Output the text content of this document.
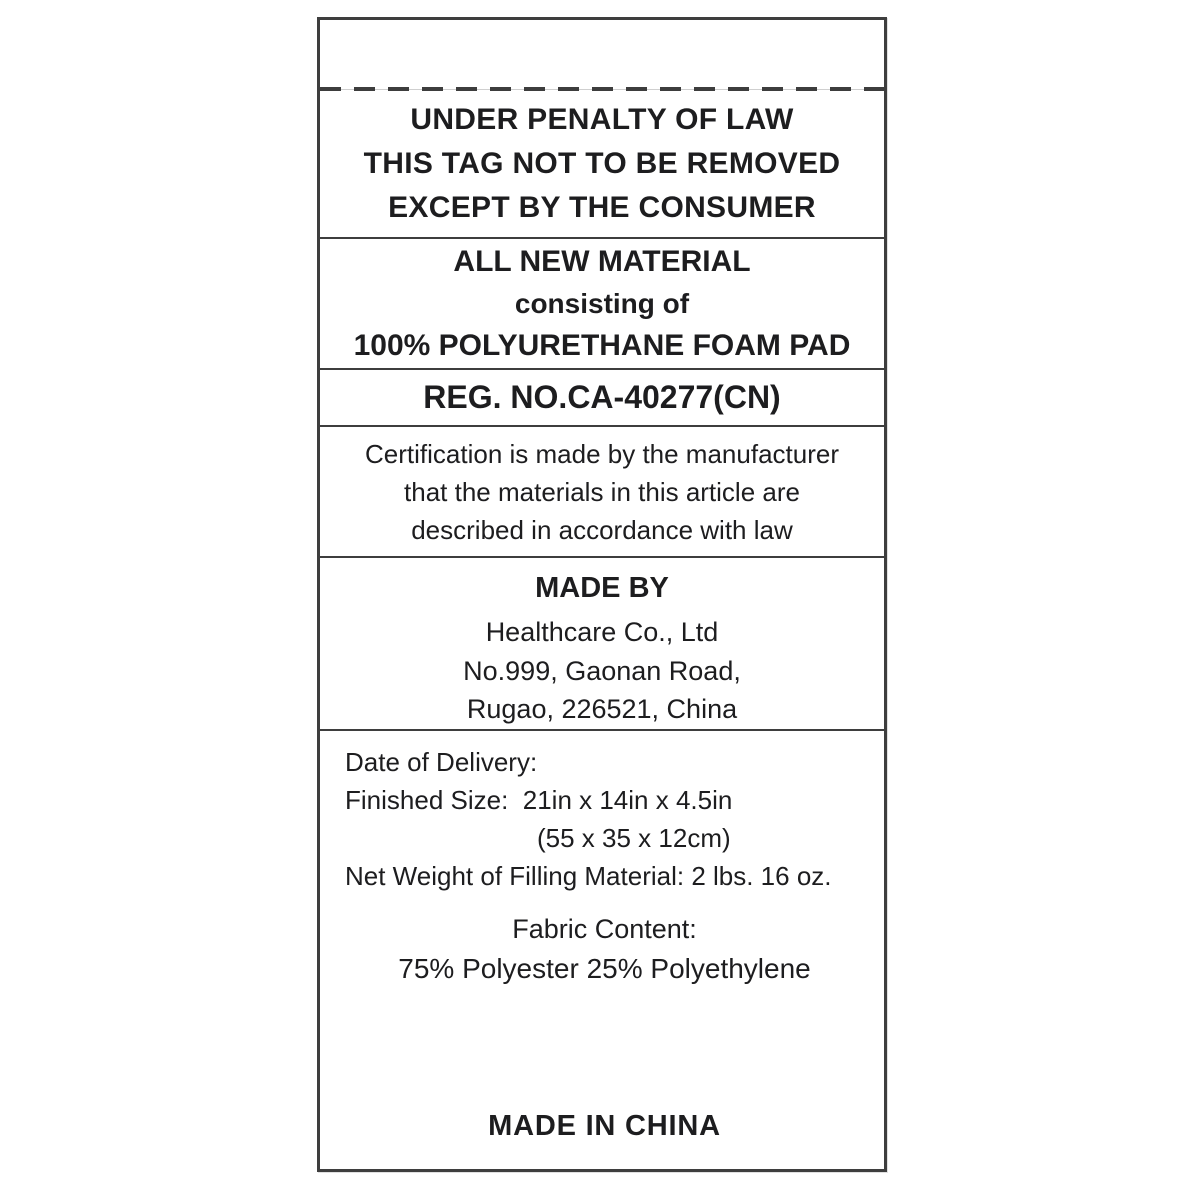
UNDER PENALTY OF LAW
THIS TAG NOT TO BE REMOVED
EXCEPT BY THE CONSUMER
ALL NEW MATERIAL
consisting of
100% POLYURETHANE FOAM PAD
REG. NO.CA-40277(CN)
Certification is made by the manufacturer
that the materials in this article are
described in accordance with law
MADE BY
Healthcare Co., Ltd
No.999, Gaonan Road,
Rugao, 226521, China
Date of Delivery:
Finished Size:  21in x 14in x 4.5in
(55 x 35 x 12cm)
Net Weight of Filling Material: 2 lbs. 16 oz.
Fabric Content:
75% Polyester 25% Polyethylene
MADE IN CHINA
